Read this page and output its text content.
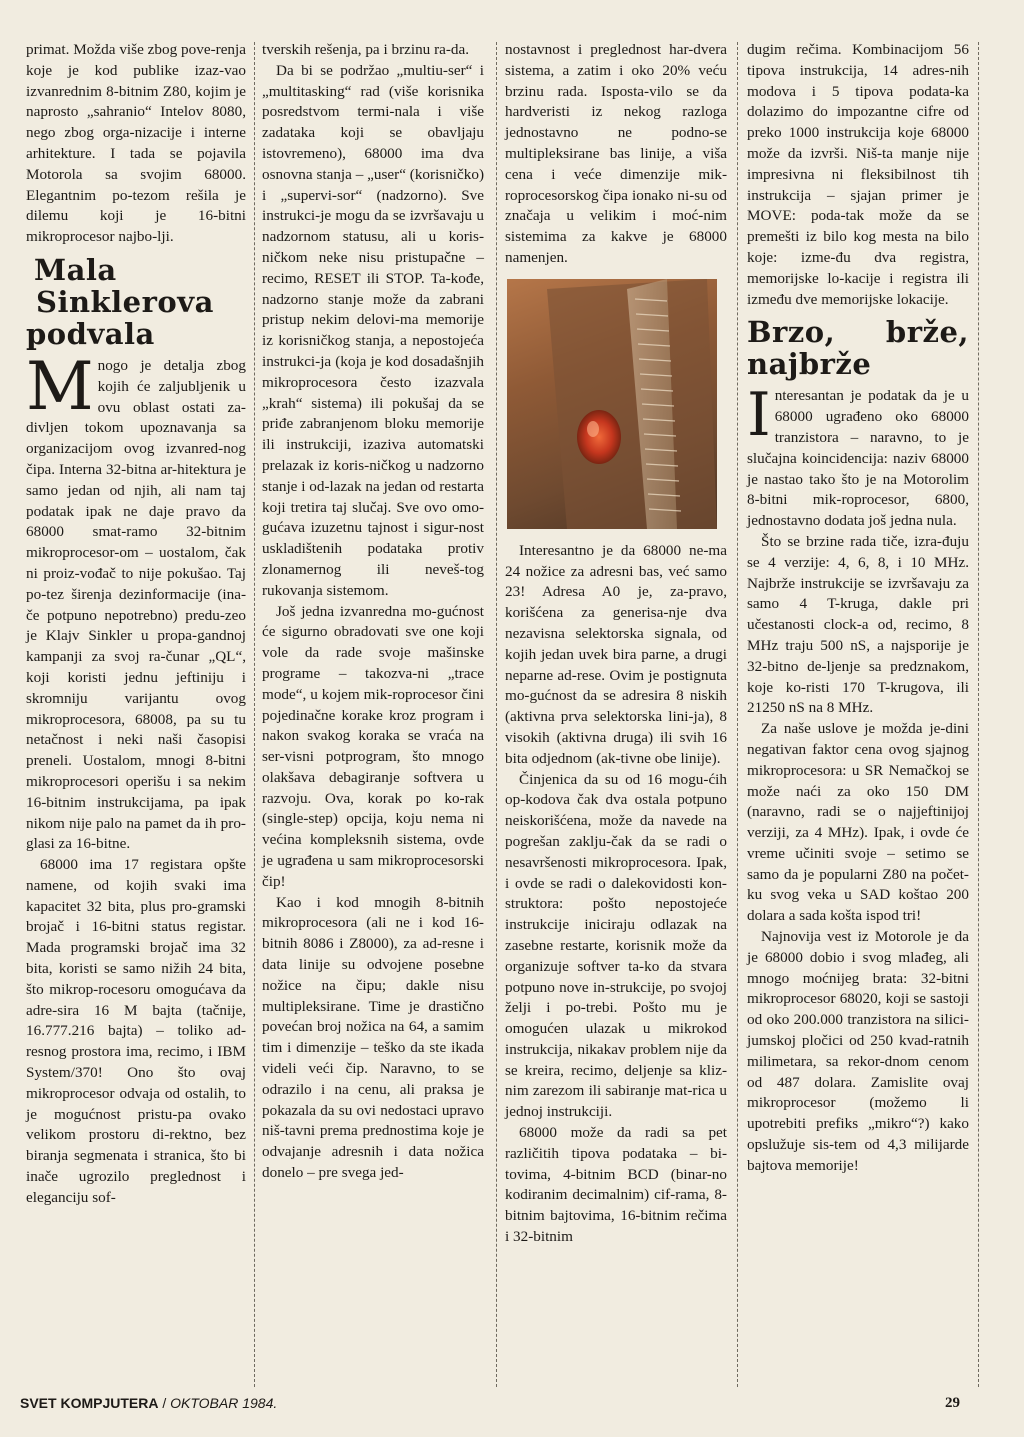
primat. Možda više zbog pove-renja koje je kod publike izaz-vao izvanrednim 8-bitnim Z80, kojim je naprosto „sahranio“ Intelov 8080, nego zbog orga-nizacije i interne arhitekture. I tada se pojavila Motorola sa svojim 68000. Elegantnim po-tezom rešila je dilemu koji je 16-bitni mikroprocesor najbo-lji.

Mala
Sinklerova
podvala

Mnogo je detalja zbog kojih će zaljubljenik u ovu oblast ostati za-divljen tokom upoznavanja sa organizacijom ovog izvanred-nog čipa. Interna 32-bitna ar-hitektura je samo jedan od njih, ali nam taj podatak ipak ne daje pravo da 68000 smat-ramo 32-bitnim mikroprocesor-om – uostalom, čak ni proiz-vođač to nije pokušao. Taj po-tez širenja dezinformacije (ina-če potpuno nepotrebno) predu-zeo je Klajv Sinkler u propa-gandnoj kampanji za svoj ra-čunar „QL“, koji koristi jednu jeftiniju i skromniju varijantu ovog mikroprocesora, 68008, pa su tu netačnost i neki naši časopisi preneli. Uostalom, mnogi 8-bitni mikroprocesori operišu i sa nekim 16-bitnim instrukcijama, pa ipak nikom nije palo na pamet da ih pro-glasi za 16-bitne.

68000 ima 17 registara opšte namene, od kojih svaki ima kapacitet 32 bita, plus pro-gramski brojač i 16-bitni status registar. Mada programski brojač ima 32 bita, koristi se samo nižih 24 bita, što mikrop-rocesoru omogućava da adre-sira 16 M bajta (tačnije, 16.777.216 bajta) – toliko ad-resnog prostora ima, recimo, i IBM System/370! Ono što ovaj mikroprocesor odvaja od ostalih, to je mogućnost pristu-pa ovako velikom prostoru di-rektno, bez biranja segmenata i stranica, što bi inače ugrozilo preglednost i eleganciju sof-

tverskih rešenja, pa i brzinu ra-da.

Da bi se podržao „multiu-ser“ i „multitasking“ rad (više korisnika posredstvom termi-nala i više zadataka koji se obavljaju istovremeno), 68000 ima dva osnovna stanja – „user“ (korisničko) i „supervi-sor“ (nadzorno). Sve instrukci-je mogu da se izvršavaju u nadzornom statusu, ali u koris-ničkom neke nisu pristupačne – recimo, RESET ili STOP. Ta-kođe, nadzorno stanje može da zabrani pristup nekim delovi-ma memorije iz korisničkog stanja, a nepostojeća instrukci-ja (koja je kod dosadašnjih mikroprocesora često izazvala „krah“ sistema) ili pokušaj da se priđe zabranjenom bloku memorije ili instrukciji, izaziva automatski prelazak iz koris-ničkog u nadzorno stanje i od-lazak na jedan od restarta koji tretira taj slučaj. Sve ovo omo-gućava izuzetnu tajnost i sigur-nost uskladištenih podataka protiv zlonamernog ili neveš-tog rukovanja sistemom.

Još jedna izvanredna mo-gućnost će sigurno obradovati sve one koji vole da rade svoje mašinske programe – takozva-ni „trace mode“, u kojem mik-roprocesor čini pojedinačne korake kroz program i nakon svakog koraka se vraća na ser-visni potprogram, što mnogo olakšava debagiranje softvera u razvoju. Ova, korak po ko-rak (single-step) opcija, koju nema ni većina kompleksnih sistema, ovde je ugrađena u sam mikroprocesorski čip!

Kao i kod mnogih 8-bitnih mikroprocesora (ali ne i kod 16-bitnih 8086 i Z8000), za ad-resne i data linije su odvojene posebne nožice na čipu; dakle nisu multipleksirane. Time je drastično povećan broj nožica na 64, a samim tim i dimenzije – teško da ste ikada videli veći čip. Naravno, to se odrazilo i na cenu, ali praksa je pokazala da su ovi nedostaci upravo niš-tavni prema prednostima koje je odvajanje adresnih i data nožica donelo – pre svega jed-

nostavnost i preglednost har-dvera sistema, a zatim i oko 20% veću brzinu rada. Isposta-vilo se da hardveristi iz nekog razloga jednostavno ne podno-se multipleksirane bas linije, a viša cena i veće dimenzije mik-roprocesorskog čipa ionako ni-su od značaja u velikim i moć-nim sistemima za kakve je 68000 namenjen.

Interesantno je da 68000 ne-ma 24 nožice za adresni bas, već samo 23! Adresa A0 je, za-pravo, korišćena za generisa-nje dva nezavisna selektorska signala, od kojih jedan uvek bira parne, a drugi neparne ad-rese. Ovim je postignuta mo-gućnost da se adresira 8 niskih (aktivna prva selektorska lini-ja), 8 visokih (aktivna druga) ili svih 16 bita odjednom (ak-tivne obe linije).

Činjenica da su od 16 mogu-ćih op-kodova čak dva ostala potpuno neiskorišćena, može da navede na pogrešan zaklju-čak da se radi o nesavršenosti mikroprocesora. Ipak, i ovde se radi o dalekovidosti kon-struktora: pošto nepostojeće instrukcije iniciraju odlazak na zasebne restarte, korisnik može da organizuje softver ta-ko da stvara potpuno nove in-strukcije, po svojoj želji i po-trebi. Pošto mu je omogućen ulazak u mikrokod instrukcija, nikakav problem nije da se kreira, recimo, deljenje sa kliz-nim zarezom ili sabiranje mat-rica u jednoj instrukciji.

68000 može da radi sa pet različitih tipova podataka – bi-tovima, 4-bitnim BCD (binar-no kodiranim decimalnim) cif-rama, 8-bitnim bajtovima, 16-bitnim rečima i 32-bitnim

dugim rečima. Kombinacijom 56 tipova instrukcija, 14 adres-nih modova i 5 tipova podata-ka dolazimo do impozantne cifre od preko 1000 instrukcija koje 68000 može da izvrši. Niš-ta manje nije impresivna ni fleksibilnost tih instrukcija – sjajan primer je MOVE: poda-tak može da se premešti iz bilo kog mesta na bilo koje: izme-đu dva registra, memorijske lo-kacije i registra ili između dve memorijske lokacije.

Brzo, brže,
najbrže

Interesantan je podatak da je u 68000 ugrađeno oko 68000 tranzistora – naravno, to je slučajna koincidencija: naziv 68000 je nastao tako što je na Motorolim 8-bitni mik-roprocesor, 6800, jednostavno dodata još jedna nula.

Što se brzine rada tiče, izra-đuju se 4 verzije: 4, 6, 8, i 10 MHz. Najbrže instrukcije se izvršavaju za samo 4 T-kruga, dakle pri učestanosti clock-a od, recimo, 8 MHz traju 500 nS, a najsporije je 32-bitno de-ljenje sa predznakom, koje ko-risti 170 T-krugova, ili 21250 nS na 8 MHz.

Za naše uslove je možda je-dini negativan faktor cena ovog sjajnog mikroprocesora: u SR Nemačkoj se može naći za oko 150 DM (naravno, radi se o najjeftinijoj verziji, za 4 MHz). Ipak, i ovde će vreme učiniti svoje – setimo se samo da je popularni Z80 na počet-ku svog veka u SAD koštao 200 dolara a sada košta ispod tri!

Najnovija vest iz Motorole je da je 68000 dobio i svog mlađeg, ali mnogo moćnijeg brata: 32-bitni mikroprocesor 68020, koji se sastoji od oko 200.000 tranzistora na silici-jumskoj pločici od 250 kvad-ratnih milimetara, sa rekor-dnom cenom od 487 dolara. Zamislite ovaj mikroprocesor (možemo li upotrebiti prefiks „mikro“?) kako opslužuje sis-tem od 4,3 milijarde bajtova memorije!

SVET KOMPJUTERA / OKTOBAR 1984.	29
